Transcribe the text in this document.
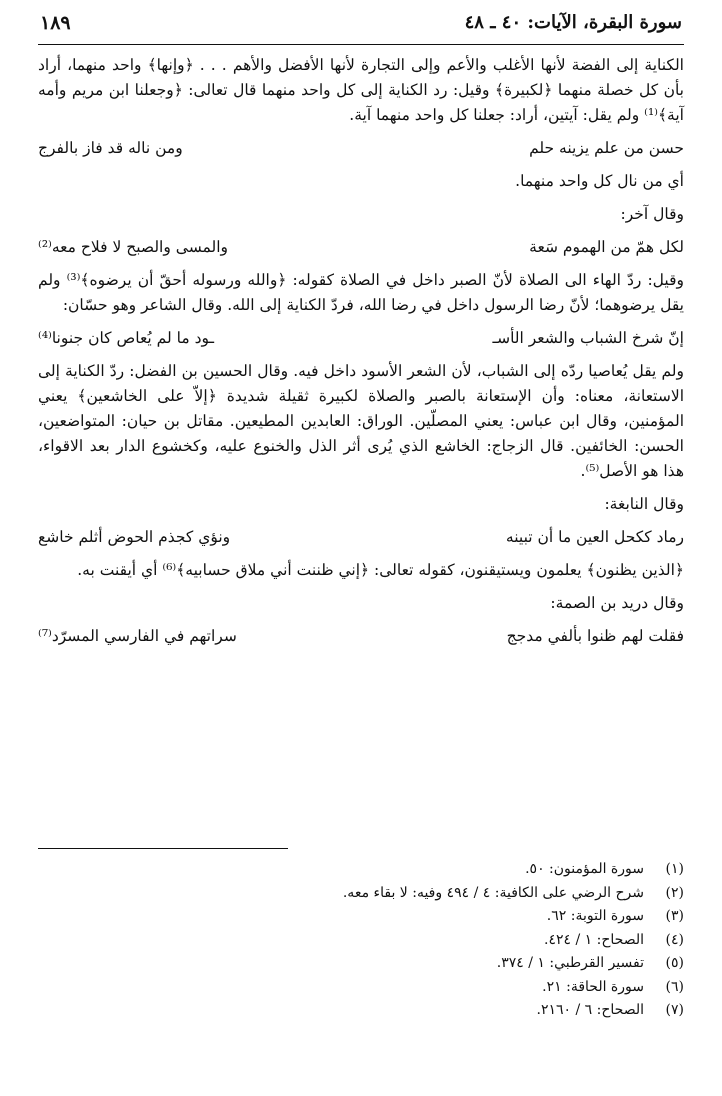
سورة البقرة، الآيات: ٤٠ ـ ٤٨
١٨٩

الكناية إلى الفضة لأنها الأغلب والأعم وإلى التجارة لأنها الأفضل والأهم . . . ﴿وإنها﴾ واحد منهما، أراد بأن كل خصلة منهما ﴿لكبيرة﴾ وقيل: رد الكناية إلى كل واحد منهما قال تعالى: ﴿وجعلنا ابن مريم وأمه آية﴾⁽¹⁾ ولم يقل: آيتين، أراد: جعلنا كل واحد منهما آية.

حسن من علم يزينه حلم
ومن ناله قد فاز بالفرج

أي من نال كل واحد منهما.

وقال آخر:

لكل همّ من الهموم سَعة
والمسى والصبح لا فلاح معه⁽²⁾

وقيل: ردّ الهاء الى الصلاة لأنّ الصبر داخل في الصلاة كقوله: ﴿والله ورسوله أحقّ أن يرضوه﴾⁽³⁾ ولم يقل يرضوهما؛ لأنّ رضا الرسول داخل في رضا الله، فردّ الكناية إلى الله. وقال الشاعر وهو حسّان:

إنّ شرخ الشباب والشعر الأسـ
ـود ما لم يُعاص كان جنونا⁽⁴⁾

ولم يقل يُعاصيا ردّه إلى الشباب، لأن الشعر الأسود داخل فيه. وقال الحسين بن الفضل: ردّ الكناية إلى الاستعانة، معناه: وأن الإستعانة بالصبر والصلاة لكبيرة ثقيلة شديدة ﴿إلاّ على الخاشعين﴾ يعني المؤمنين، وقال ابن عباس: يعني المصلّين. الوراق: العابدين المطيعين. مقاتل بن حيان: المتواضعين، الحسن: الخائفين. قال الزجاج: الخاشع الذي يُرى أثر الذل والخنوع عليه، وكخشوع الدار بعد الاقواء، هذا هو الأصل⁽⁵⁾.

وقال النابغة:

رماد ككحل العين ما أن تبينه
ونؤي كجذم الحوض أثلم خاشع

﴿الذين يظنون﴾ يعلمون ويستيقنون، كقوله تعالى: ﴿إني ظننت أني ملاق حسابيه﴾⁽⁶⁾ أي أيقنت به.

وقال دريد بن الصمة:

فقلت لهم ظنوا بألفي مدجج
سراتهم في الفارسي المسرّد⁽⁷⁾
(١)
سورة المؤمنون: ٥٠.
(٢)
شرح الرضي على الكافية: ٤ / ٤٩٤ وفيه: لا بقاء معه.
(٣)
سورة التوبة: ٦٢.
(٤)
الصحاح: ١ / ٤٢٤.
(٥)
تفسير القرطبي: ١ / ٣٧٤.
(٦)
سورة الحاقة: ٢١.
(٧)
الصحاح: ٦ / ٢١٦٠.
